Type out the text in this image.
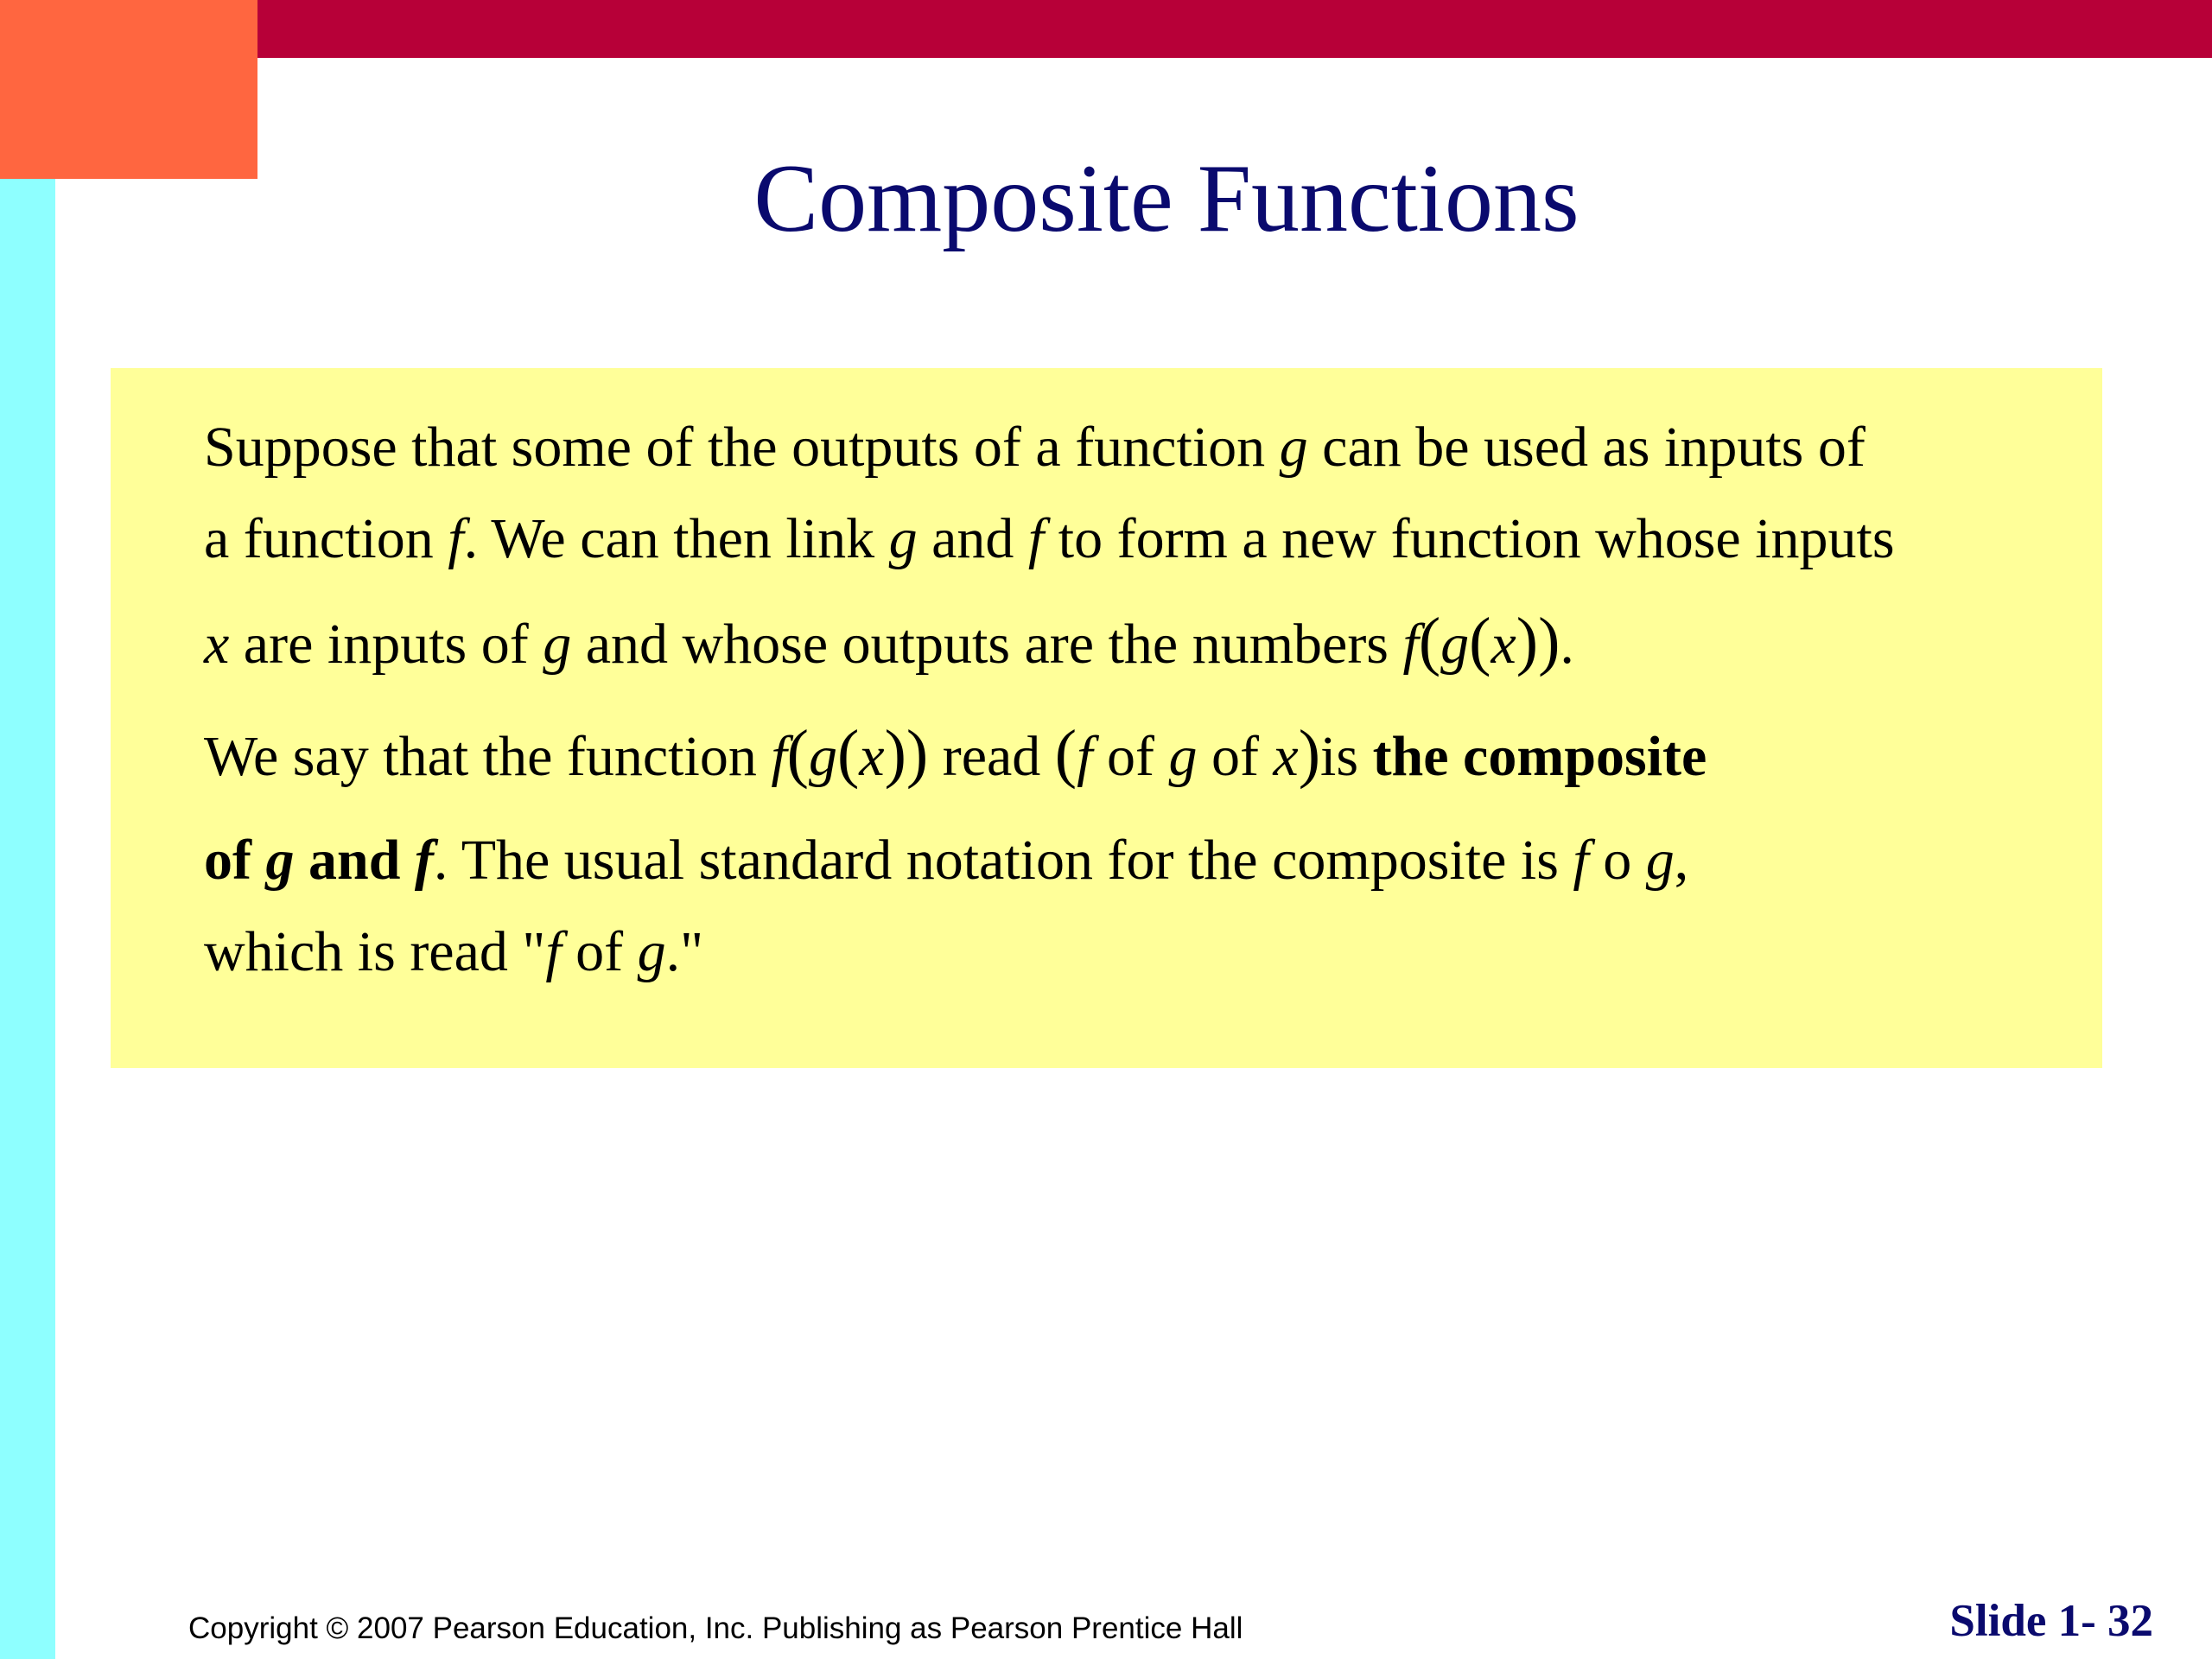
Composite Functions
Suppose that some of the outputs of a function g can be used as inputs of
a function f. We can then link g and f to form a new function whose inputs
x are inputs of g and whose outputs are the numbers f(g(x)).
We say that the function f(g(x)) read (f of g of x)is the composite
of g and f. The usual standard notation for the composite is f o g,
which is read "f of g."
Copyright © 2007 Pearson Education, Inc. Publishing as Pearson Prentice Hall	Slide 1- 32
